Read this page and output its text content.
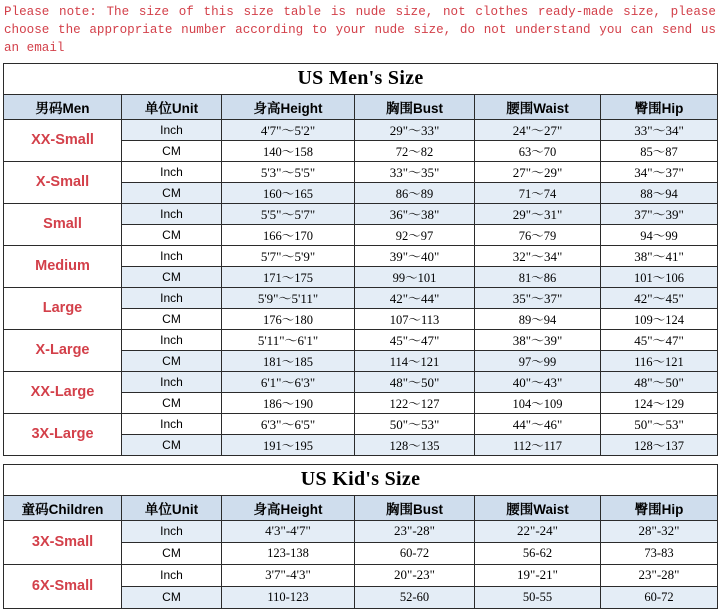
Please note: The size of this size table is nude size, not clothes ready-made size, please choose the appropriate number according to your nude size, do not understand you can send us an email
US Men's Size					
男码Men	单位Unit	身高Height	胸围Bust	腰围Waist	臀围Hip
XX-Small	Inch	4'7"～5'2"	29"～33"	24"～27"	33"～34"
	CM	140～158	72～82	63～70	85～87
X-Small	Inch	5'3"～5'5"	33"～35"	27"～29"	34"～37"
	CM	160～165	86～89	71～74	88～94
Small	Inch	5'5"～5'7"	36"～38"	29"～31"	37"～39"
	CM	166～170	92～97	76～79	94～99
Medium	Inch	5'7"～5'9"	39"～40"	32"～34"	38"～41"
	CM	171～175	99～101	81～86	101～106
Large	Inch	5'9"～5'11"	42"～44"	35"～37"	42"～45"
	CM	176～180	107～113	89～94	109～124
X-Large	Inch	5'11"～6'1"	45"～47"	38"～39"	45"～47"
	CM	181～185	114～121	97～99	116～121
XX-Large	Inch	6'1"～6'3"	48"～50"	40"～43"	48"～50"
	CM	186～190	122～127	104～109	124～129
3X-Large	Inch	6'3"～6'5"	50"～53"	44"～46"	50"～53"
	CM	191～195	128～135	112～117	128～137
US Kid's Size					
童码Children	单位Unit	身高Height	胸围Bust	腰围Waist	臀围Hip
3X-Small	Inch	4'3"-4'7"	23"-28"	22"-24"	28"-32"
	CM	123-138	60-72	56-62	73-83
6X-Small	Inch	3'7"-4'3"	20"-23"	19"-21"	23"-28"
	CM	110-123	52-60	50-55	60-72
